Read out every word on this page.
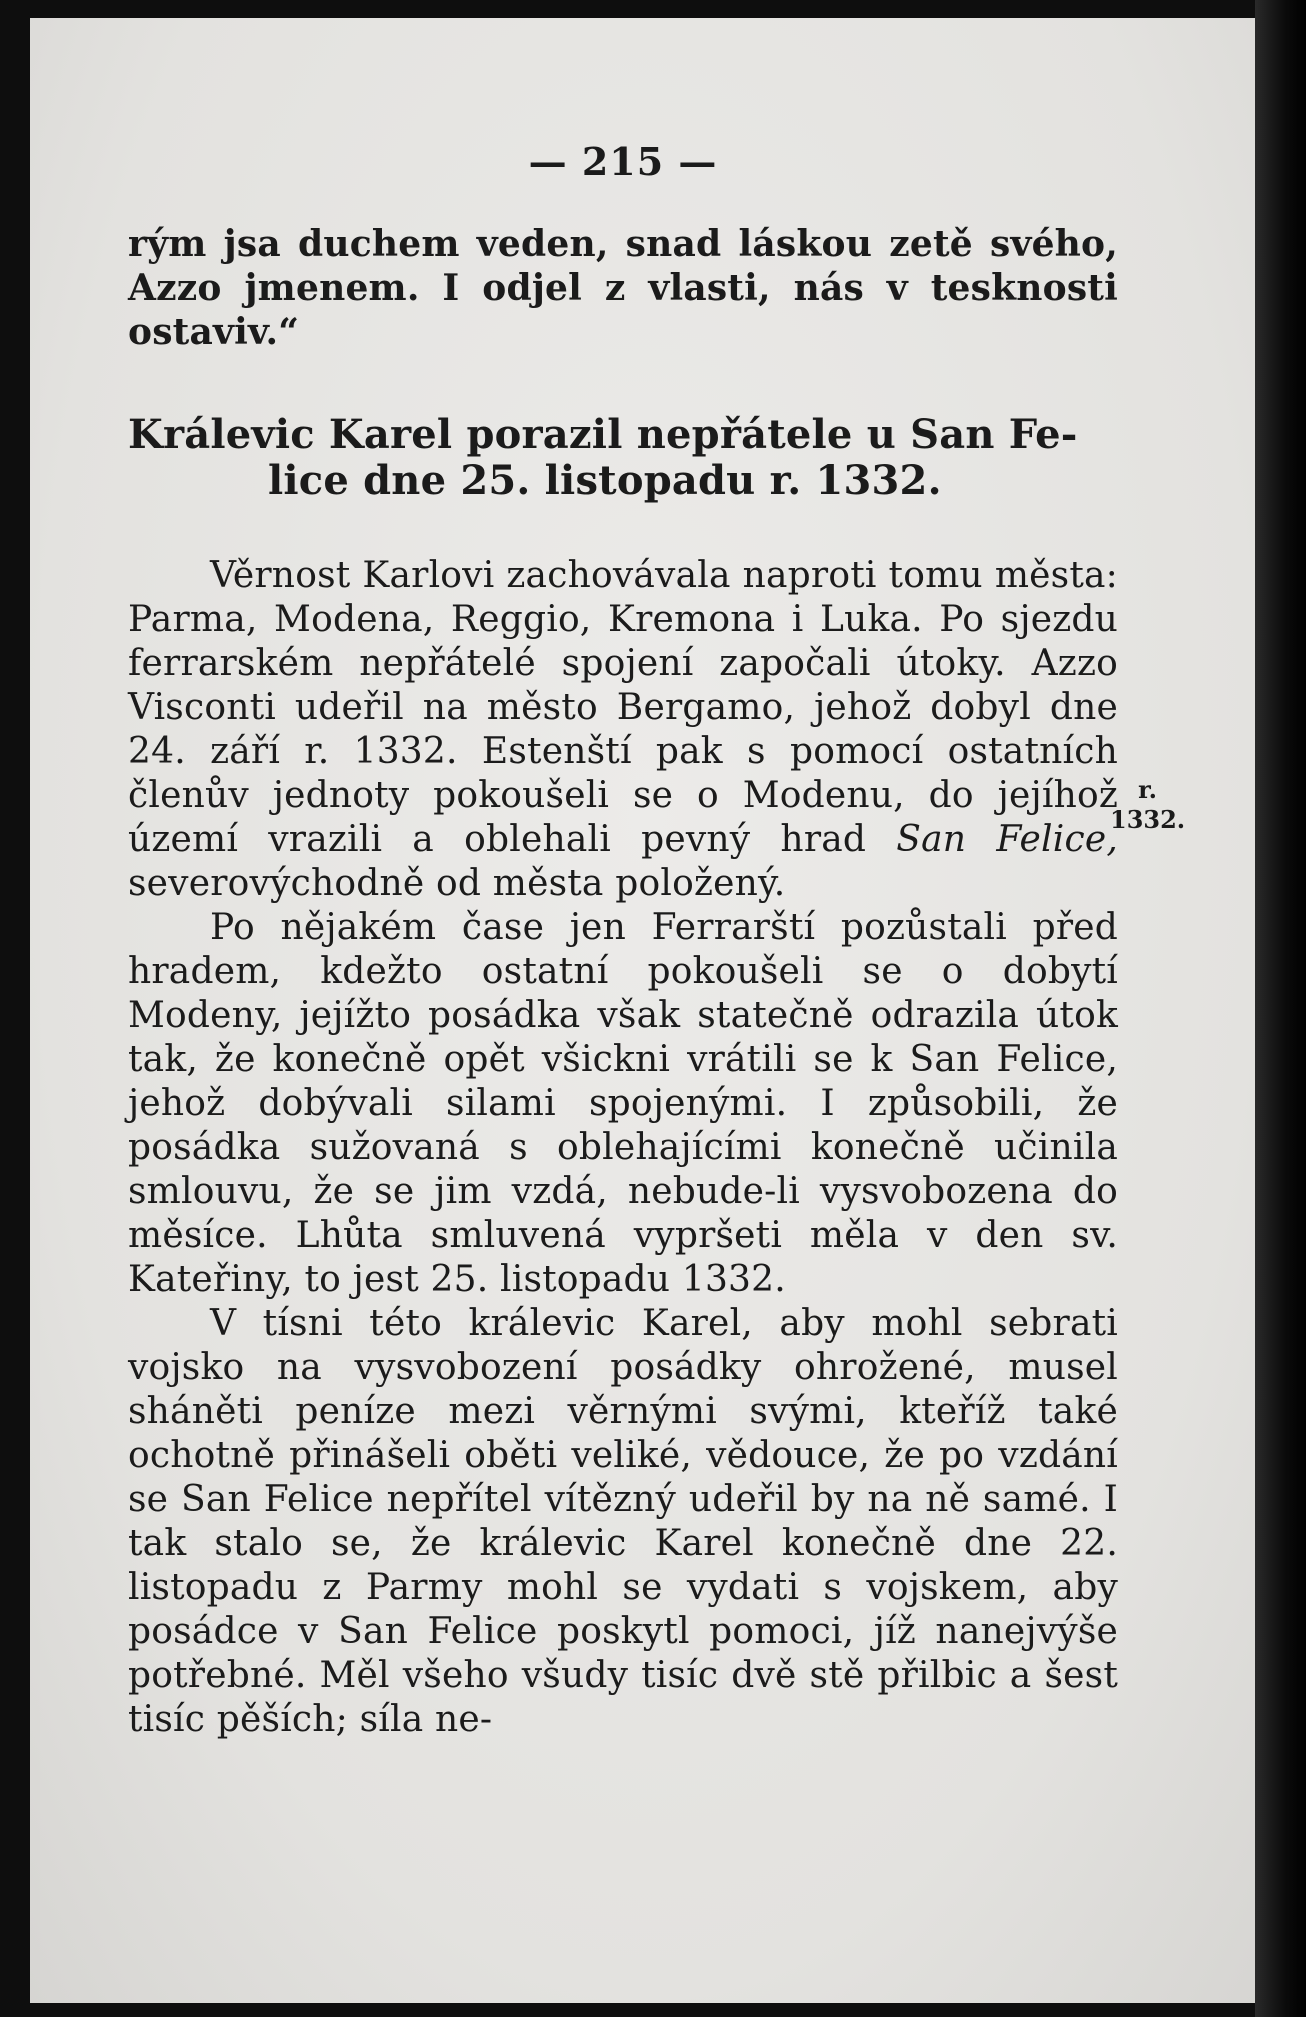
— 215 —

rým jsa duchem veden, snad láskou zetě svého, Azzo jmenem. I odjel z vlasti, nás v tesknosti ostaviv.“

Králevic Karel porazil nepřátele u San Fe-
lice dne 25. listopadu r. 1332.

Věrnost Karlovi zachovávala naproti tomu města: Parma, Modena, Reggio, Kremona i Luka. Po sjezdu ferrarském nepřátelé spojení započali útoky. Azzo Visconti udeřil na město Bergamo, jehož dobyl dne 24. září r. 1332. Estenští pak s pomocí ostatních členův jednoty pokoušeli se o Modenu, do jejíhož území vrazili a oblehali pevný hrad San Felice, severovýchodně od města položený.

Po nějakém čase jen Ferrarští pozůstali před hradem, kdežto ostatní pokoušeli se o dobytí Modeny, jejížto posádka však statečně odrazila útok tak, že konečně opět všickni vrátili se k San Felice, jehož dobývali silami spojenými. I způsobili, že posádka sužovaná s oblehajícími konečně učinila smlouvu, že se jim vzdá, nebude-li vysvobozena do měsíce. Lhůta smluvená vypršeti měla v den sv. Kateřiny, to jest 25. listopadu 1332.

V tísni této králevic Karel, aby mohl sebrati vojsko na vysvobození posádky ohrožené, musel sháněti peníze mezi věrnými svými, kteříž také ochotně přinášeli oběti veliké, vědouce, že po vzdání se San Felice nepřítel vítězný udeřil by na ně samé. I tak stalo se, že králevic Karel konečně dne 22. listopadu z Parmy mohl se vydati s vojskem, aby posádce v San Felice poskytl pomoci, jíž nanejvýše potřebné. Měl všeho všudy tisíc dvě stě přilbic a šest tisíc pěších; síla ne-

r.
1332.
